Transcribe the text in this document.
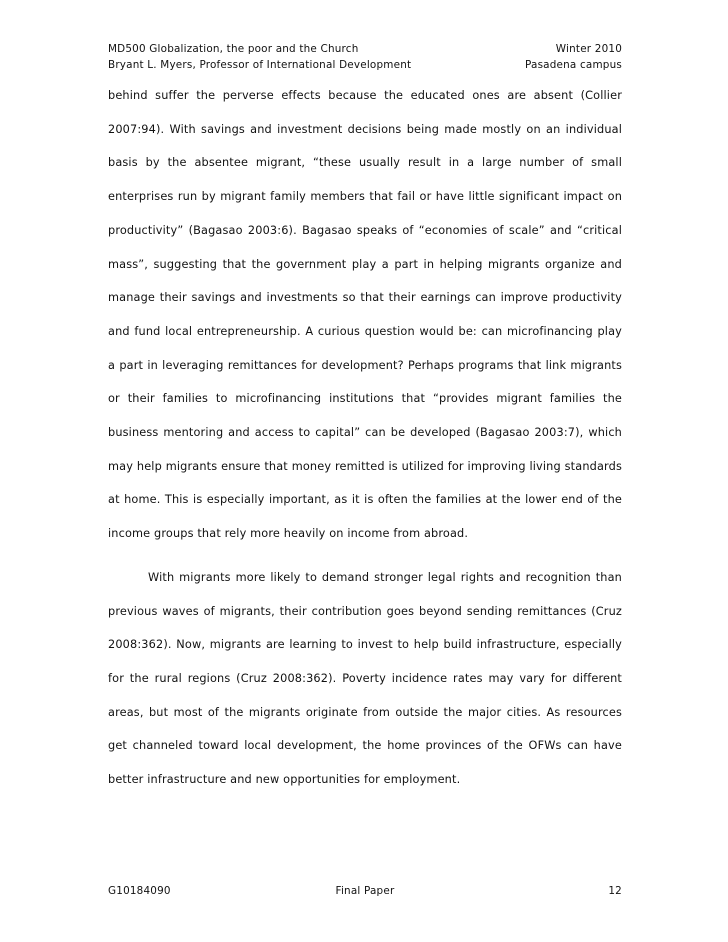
MD500 Globalization, the poor and the Church	Winter 2010
Bryant L. Myers, Professor of International Development	Pasadena campus

behind suffer the perverse effects because the educated ones are absent (Collier 2007:94). With savings and investment decisions being made mostly on an individual basis by the absentee migrant, “these usually result in a large number of small enterprises run by migrant family members that fail or have little significant impact on productivity” (Bagasao 2003:6). Bagasao speaks of “economies of scale” and “critical mass”, suggesting that the government play a part in helping migrants organize and manage their savings and investments so that their earnings can improve productivity and fund local entrepreneurship. A curious question would be: can microfinancing play a part in leveraging remittances for development? Perhaps programs that link migrants or their families to microfinancing institutions that “provides migrant families the business mentoring and access to capital” can be developed (Bagasao 2003:7), which may help migrants ensure that money remitted is utilized for improving living standards at home. This is especially important, as it is often the families at the lower end of the income groups that rely more heavily on income from abroad.

With migrants more likely to demand stronger legal rights and recognition than previous waves of migrants, their contribution goes beyond sending remittances (Cruz 2008:362). Now, migrants are learning to invest to help build infrastructure, especially for the rural regions (Cruz 2008:362). Poverty incidence rates may vary for different areas, but most of the migrants originate from outside the major cities. As resources get channeled toward local development, the home provinces of the OFWs can have better infrastructure and new opportunities for employment.

G10184090	Final Paper	12
